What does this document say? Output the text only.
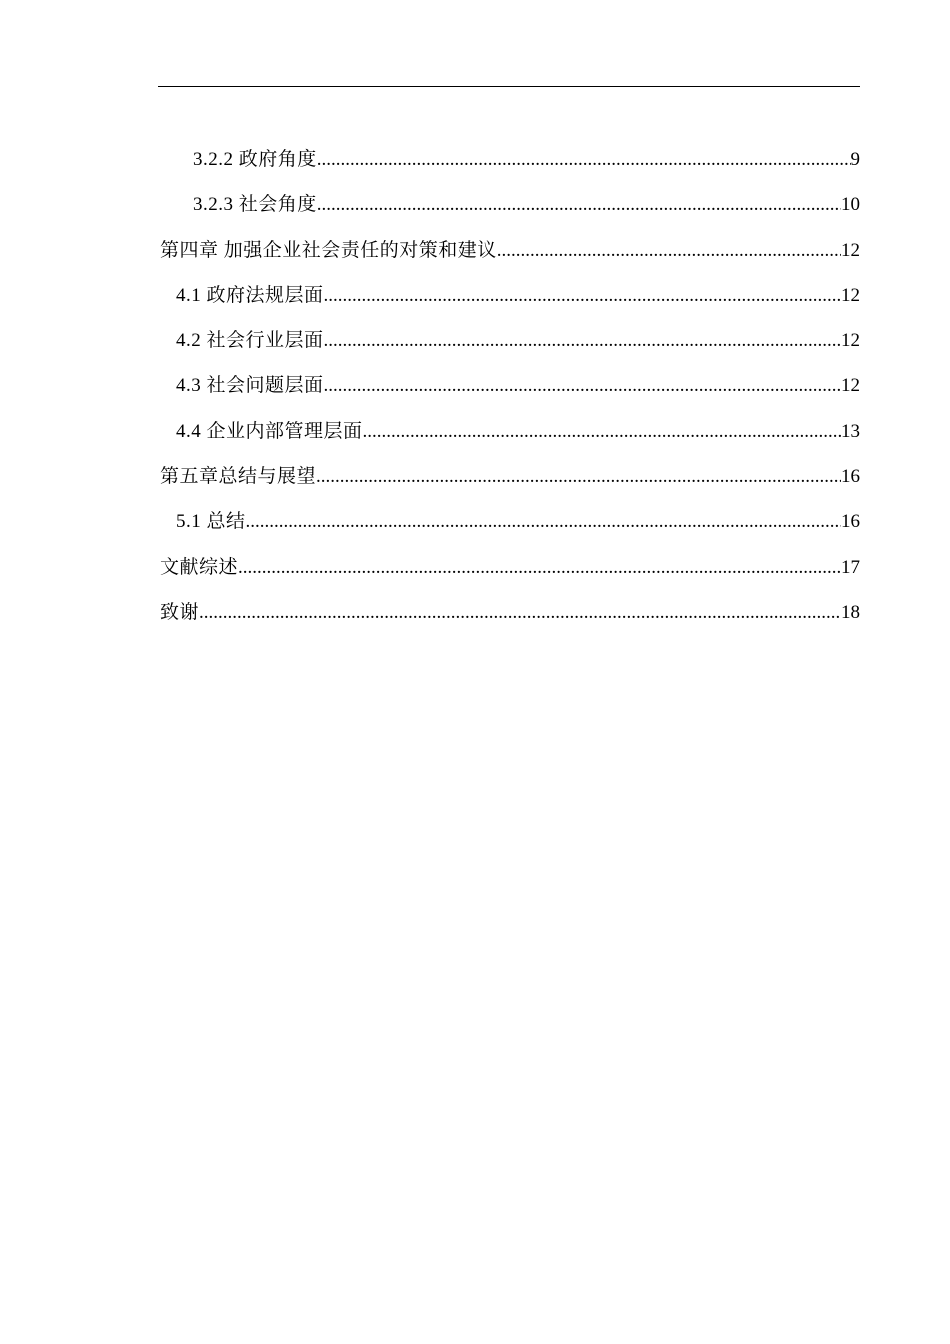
3.2.2 政府角度 .....	9
3.2.3 社会角度 .....	10
第四章 加强企业社会责任的对策和建议 .....	12
4.1 政府法规层面 .....	12
4.2 社会行业层面 .....	12
4.3 社会问题层面 .....	12
4.4 企业内部管理层面 .....	13
第五章总结与展望 .....	16
5.1 总结 .....	16
文献综述 .....	17
致谢 .....	18
